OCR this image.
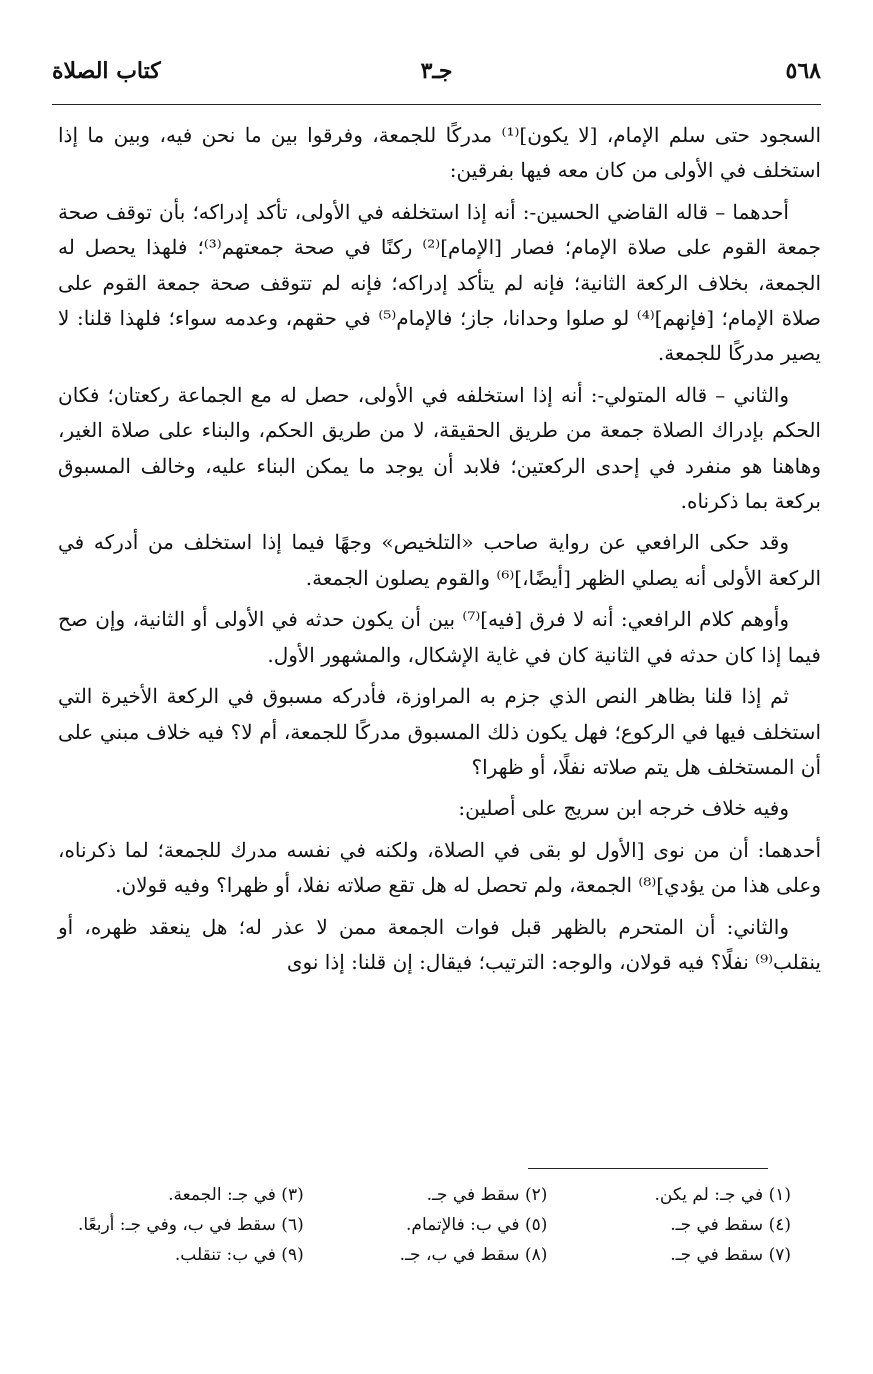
٥٦٨
جـ٣
كتاب الصلاة

السجود حتى سلم الإمام، [لا يكون]⁽¹⁾ مدركًا للجمعة، وفرقوا بين ما نحن فيه، وبين ما إذا استخلف في الأولى من كان معه فيها بفرقين:

أحدهما – قاله القاضي الحسين-: أنه إذا استخلفه في الأولى، تأكد إدراكه؛ بأن توقف صحة جمعة القوم على صلاة الإمام؛ فصار [الإمام]⁽²⁾ ركنًا في صحة جمعتهم⁽³⁾؛ فلهذا يحصل له الجمعة، بخلاف الركعة الثانية؛ فإنه لم يتأكد إدراكه؛ فإنه لم تتوقف صحة جمعة القوم على صلاة الإمام؛ [فإنهم]⁽⁴⁾ لو صلوا وحدانا، جاز؛ فالإمام⁽⁵⁾ في حقهم، وعدمه سواء؛ فلهذا قلنا: لا يصير مدركًا للجمعة.

والثاني – قاله المتولي-: أنه إذا استخلفه في الأولى، حصل له مع الجماعة ركعتان؛ فكان الحكم بإدراك الصلاة جمعة من طريق الحقيقة، لا من طريق الحكم، والبناء على صلاة الغير، وهاهنا هو منفرد في إحدى الركعتين؛ فلابد أن يوجد ما يمكن البناء عليه، وخالف المسبوق بركعة بما ذكرناه.

وقد حكى الرافعي عن رواية صاحب «التلخيص» وجهًا فيما إذا استخلف من أدركه في الركعة الأولى أنه يصلي الظهر [أيضًا،]⁽⁶⁾ والقوم يصلون الجمعة.

وأوهم كلام الرافعي: أنه لا فرق [فيه]⁽⁷⁾ بين أن يكون حدثه في الأولى أو الثانية، وإن صح فيما إذا كان حدثه في الثانية كان في غاية الإشكال، والمشهور الأول.

ثم إذا قلنا بظاهر النص الذي جزم به المراوزة، فأدركه مسبوق في الركعة الأخيرة التي استخلف فيها في الركوع؛ فهل يكون ذلك المسبوق مدركًا للجمعة، أم لا؟ فيه خلاف مبني على أن المستخلف هل يتم صلاته نفلًا، أو ظهرا؟

وفيه خلاف خرجه ابن سريج على أصلين:

أحدهما: أن من نوى [الأول لو بقى في الصلاة، ولكنه في نفسه مدرك للجمعة؛ لما ذكرناه، وعلى هذا من يؤدي]⁽⁸⁾ الجمعة، ولم تحصل له هل تقع صلاته نفلا، أو ظهرا؟ وفيه قولان.

والثاني: أن المتحرم بالظهر قبل فوات الجمعة ممن لا عذر له؛ هل ينعقد ظهره، أو ينقلب⁽⁹⁾ نفلًا؟ فيه قولان، والوجه: الترتيب؛ فيقال: إن قلنا: إذا نوى

(١) في جـ: لم يكن.
(٢) سقط في جـ.
(٣) في جـ: الجمعة.
(٤) سقط في جـ.
(٥) في ب: فالإتمام.
(٦) سقط في ب، وفي جـ: أربعًا.
(٧) سقط في جـ.
(٨) سقط في ب، جـ.
(٩) في ب: تنقلب.
